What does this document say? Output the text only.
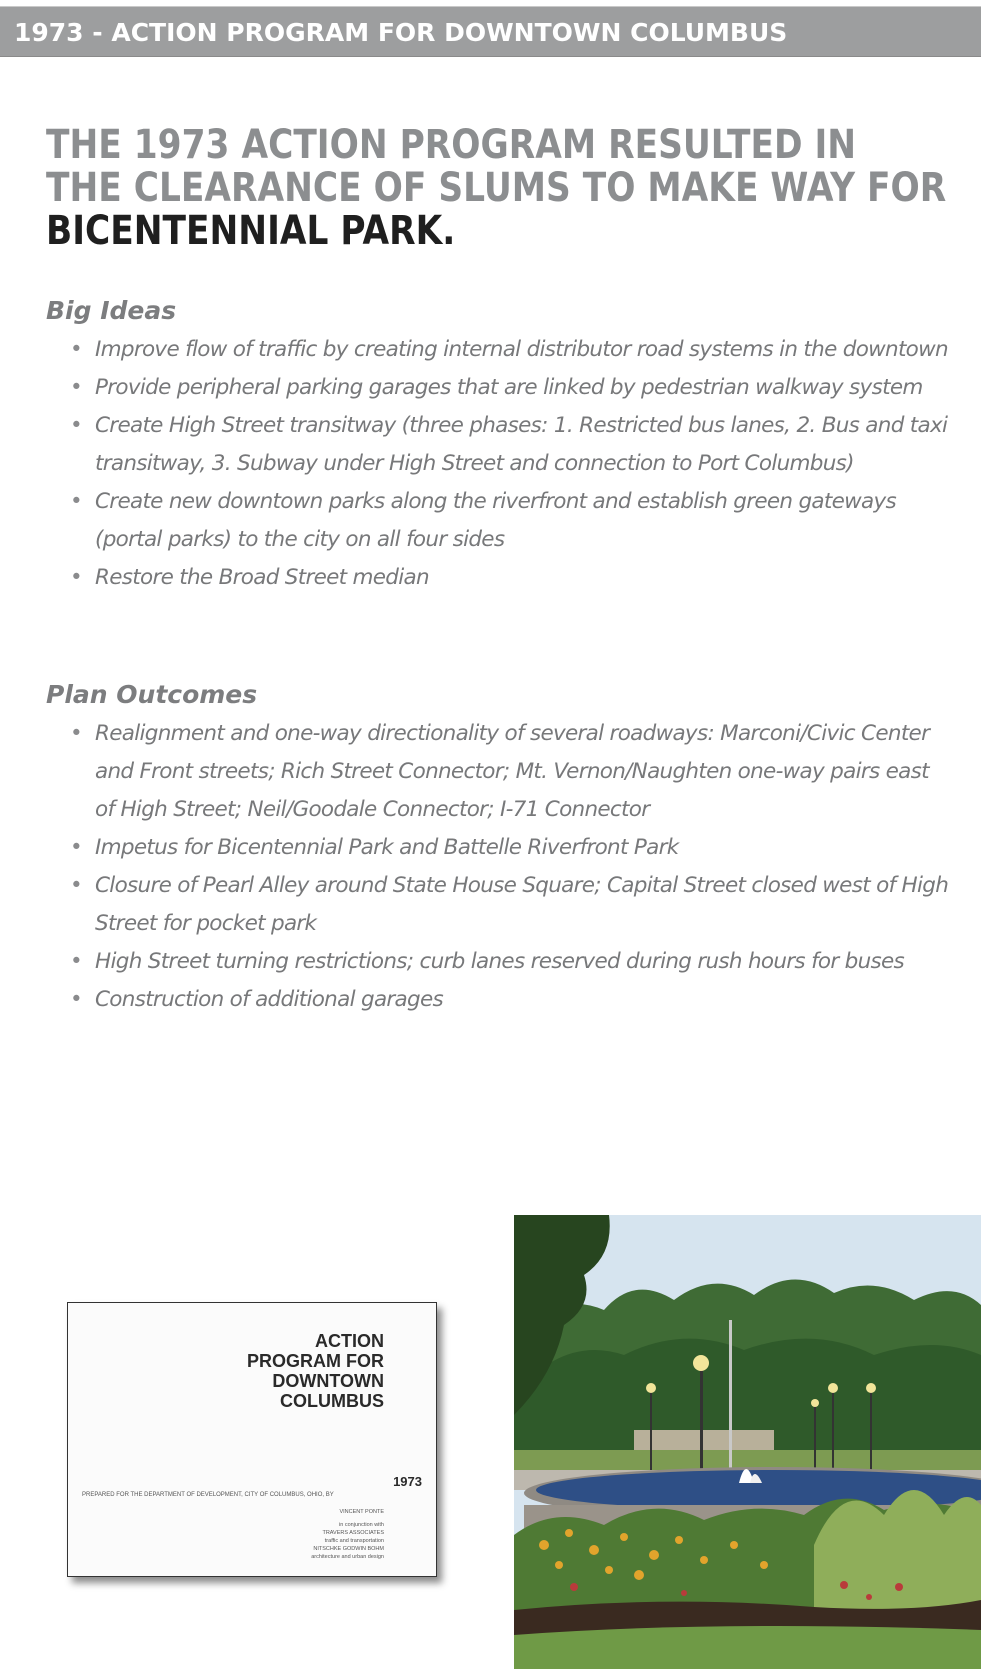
1973 - ACTION PROGRAM FOR DOWNTOWN COLUMBUS
THE 1973 ACTION PROGRAM RESULTED IN
THE CLEARANCE OF SLUMS TO MAKE WAY FOR
BICENTENNIAL PARK.
Big Ideas
• Improve flow of traffic by creating internal distributor road systems in the downtown
• Provide peripheral parking garages that are linked by pedestrian walkway system
• Create High Street transitway (three phases: 1. Restricted bus lanes, 2. Bus and taxi transitway, 3. Subway under High Street and connection to Port Columbus)
• Create new downtown parks along the riverfront and establish green gateways (portal parks) to the city on all four sides
• Restore the Broad Street median
Plan Outcomes
• Realignment and one-way directionality of several roadways: Marconi/Civic Center and Front streets; Rich Street Connector; Mt. Vernon/Naughten one-way pairs east of High Street; Neil/Goodale Connector; I-71 Connector
• Impetus for Bicentennial Park and Battelle Riverfront Park
• Closure of Pearl Alley around State House Square; Capital Street closed west of High Street for pocket park
• High Street turning restrictions; curb lanes reserved during rush hours for buses
• Construction of additional garages
ACTION
PROGRAM FOR
DOWNTOWN
COLUMBUS
1973
PREPARED FOR THE DEPARTMENT OF DEVELOPMENT, CITY OF COLUMBUS, OHIO, BY
VINCENT PONTE
in conjunction with
TRAVERS ASSOCIATES
traffic and transportation
NITSCHKE GODWIN BOHM
architecture and urban design
